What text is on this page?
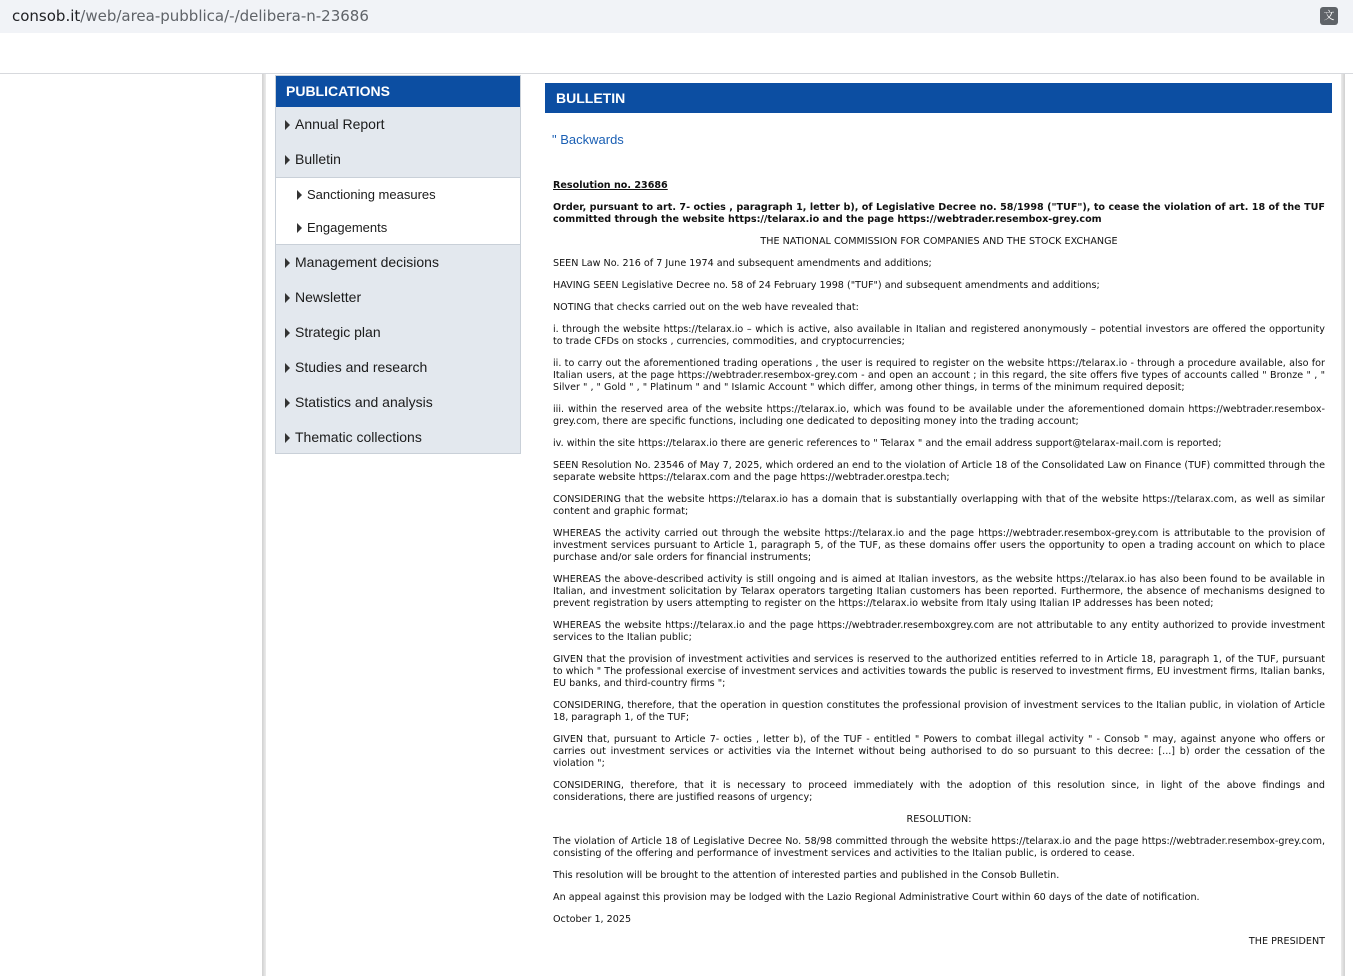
consob.it/web/area-pubblica/-/delibera-n-23686	文
PUBLICATIONS
Annual Report
Bulletin
Sanctioning measures
Engagements
Management decisions
Newsletter
Strategic plan
Studies and research
Statistics and analysis
Thematic collections
BULLETIN
" Backwards

Resolution no. 23686

Order, pursuant to art. 7- octies , paragraph 1, letter b), of Legislative Decree no. 58/1998 ("TUF"), to cease the violation of art. 18 of the TUF committed through the website https://telarax.io and the page https://webtrader.resembox-grey.com

THE NATIONAL COMMISSION FOR COMPANIES AND THE STOCK EXCHANGE

SEEN Law No. 216 of 7 June 1974 and subsequent amendments and additions;

HAVING SEEN Legislative Decree no. 58 of 24 February 1998 ("TUF") and subsequent amendments and additions;

NOTING that checks carried out on the web have revealed that:

i. through the website https://telarax.io – which is active, also available in Italian and registered anonymously – potential investors are offered the opportunity to trade CFDs on stocks , currencies, commodities, and cryptocurrencies;

ii. to carry out the aforementioned trading operations , the user is required to register on the website https://telarax.io - through a procedure available, also for Italian users, at the page https://webtrader.resembox-grey.com - and open an account ; in this regard, the site offers five types of accounts called " Bronze " , " Silver " , " Gold " , " Platinum " and " Islamic Account " which differ, among other things, in terms of the minimum required deposit;

iii. within the reserved area of the website https://telarax.io, which was found to be available under the aforementioned domain https://webtrader.resembox-grey.com, there are specific functions, including one dedicated to depositing money into the trading account;

iv. within the site https://telarax.io there are generic references to " Telarax " and the email address support@telarax-mail.com is reported;

SEEN Resolution No. 23546 of May 7, 2025, which ordered an end to the violation of Article 18 of the Consolidated Law on Finance (TUF) committed through the separate website https://telarax.com and the page https://webtrader.orestpa.tech;

CONSIDERING that the website https://telarax.io has a domain that is substantially overlapping with that of the website https://telarax.com, as well as similar content and graphic format;

WHEREAS the activity carried out through the website https://telarax.io and the page https://webtrader.resembox-grey.com is attributable to the provision of investment services pursuant to Article 1, paragraph 5, of the TUF, as these domains offer users the opportunity to open a trading account on which to place purchase and/or sale orders for financial instruments;

WHEREAS the above-described activity is still ongoing and is aimed at Italian investors, as the website https://telarax.io has also been found to be available in Italian, and investment solicitation by Telarax operators targeting Italian customers has been reported. Furthermore, the absence of mechanisms designed to prevent registration by users attempting to register on the https://telarax.io website from Italy using Italian IP addresses has been noted;

WHEREAS the website https://telarax.io and the page https://webtrader.resemboxgrey.com are not attributable to any entity authorized to provide investment services to the Italian public;

GIVEN that the provision of investment activities and services is reserved to the authorized entities referred to in Article 18, paragraph 1, of the TUF, pursuant to which " The professional exercise of investment services and activities towards the public is reserved to investment firms, EU investment firms, Italian banks, EU banks, and third-country firms ";

CONSIDERING, therefore, that the operation in question constitutes the professional provision of investment services to the Italian public, in violation of Article 18, paragraph 1, of the TUF;

GIVEN that, pursuant to Article 7- octies , letter b), of the TUF - entitled " Powers to combat illegal activity " - Consob " may, against anyone who offers or carries out investment services or activities via the Internet without being authorised to do so pursuant to this decree: [...] b) order the cessation of the violation ";

CONSIDERING, therefore, that it is necessary to proceed immediately with the adoption of this resolution since, in light of the above findings and considerations, there are justified reasons of urgency;

RESOLUTION:

The violation of Article 18 of Legislative Decree No. 58/98 committed through the website https://telarax.io and the page https://webtrader.resembox-grey.com, consisting of the offering and performance of investment services and activities to the Italian public, is ordered to cease.

This resolution will be brought to the attention of interested parties and published in the Consob Bulletin.

An appeal against this provision may be lodged with the Lazio Regional Administrative Court within 60 days of the date of notification.

October 1, 2025

THE PRESIDENT
